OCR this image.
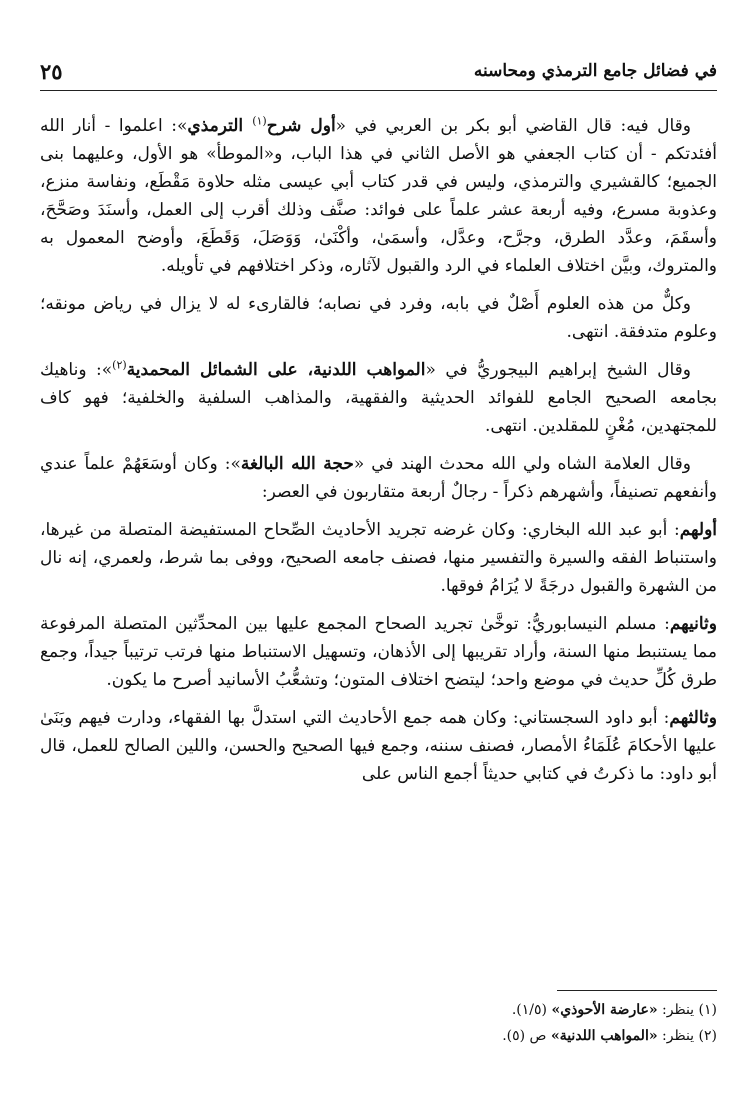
في فضائل جامع الترمذي ومحاسنه
٢٥

وقال فيه: قال القاضي أبو بكر بن العربي في «أول شرح$^{(١)}$ الترمذي»: اعلموا - أنار الله أفئدتكم - أن كتاب الجعفي هو الأصل الثاني في هذا الباب، و«الموطأ» هو الأول، وعليهما بنى الجميع؛ كالقشيري والترمذي، وليس في قدر كتاب أبي عيسى مثله حلاوة مَقْطَع، ونفاسة منزع، وعذوبة مسرع، وفيه أربعة عشر علماً على فوائد: صنَّف وذلك أقرب إلى العمل، وأسنَدَ وصَحَّحَ، وأسقَمَ، وعدَّد الطرق، وجرَّح، وعدَّل، وأسمَىٰ، وأكْنَىٰ، وَوَصَلَ، وَقَطَعَ، وأوضح المعمول به والمتروك، وبيَّن اختلاف العلماء في الرد والقبول لآثاره، وذكر اختلافهم في تأويله.

وكلٌّ من هذه العلوم أَصْلٌ في بابه، وفرد في نصابه؛ فالقارىء له لا يزال في رياض مونقه؛ وعلوم متدفقة. انتهى.

وقال الشيخ إبراهيم البيجوريُّ في «المواهب اللدنية، على الشمائل المحمدية$^{(٢)}$»: وناهيك بجامعه الصحيح الجامع للفوائد الحديثية والفقهية، والمذاهب السلفية والخلفية؛ فهو كاف للمجتهدين، مُغْنٍ للمقلدين. انتهى.

وقال العلامة الشاه ولي الله محدث الهند في «حجة الله البالغة»: وكان أوسَعَهُمْ علماً عندي وأنفعهم تصنيفاً، وأشهرهم ذكراً - رجالٌ أربعة متقاربون في العصر:

أولهم: أبو عبد الله البخاري: وكان غرضه تجريد الأحاديث الصِّحاح المستفيضة المتصلة من غيرها، واستنباط الفقه والسيرة والتفسير منها، فصنف جامعه الصحيح، ووفى بما شرط، ولعمري، إنه نال من الشهرة والقبول درجَةً لا يُرَامُ فوقها.

وثانيهم: مسلم النيسابوريُّ: توخَّىٰ تجريد الصحاح المجمع عليها بين المحدِّثين المتصلة المرفوعة مما يستنبط منها السنة، وأراد تقريبها إلى الأذهان، وتسهيل الاستنباط منها فرتب ترتيباً جيداً، وجمع طرق كُلِّ حديث في موضع واحد؛ ليتضح اختلاف المتون؛ وتشعُّبُ الأسانيد أصرح ما يكون.

وثالثهم: أبو داود السجستاني: وكان همه جمع الأحاديث التي استدلَّ بها الفقهاء، ودارت فيهم وبَنَىٰ عليها الأحكامَ عُلَمَاءُ الأمصار، فصنف سننه، وجمع فيها الصحيح والحسن، واللين الصالح للعمل، قال أبو داود: ما ذكرتُ في كتابي حديثاً أجمع الناس على

(١) ينظر: «عارضة الأحوذي» (١/٥).
(٢) ينظر: «المواهب اللدنية» ص (٥).
